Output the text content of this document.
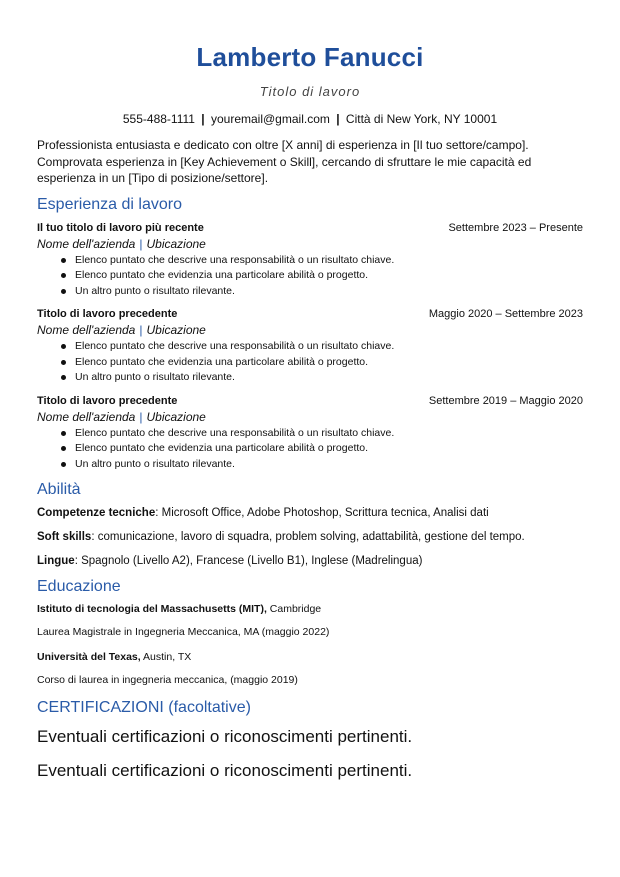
Lamberto Fanucci
Titolo di lavoro
555-488-1111 | youremail@gmail.com | Città di New York, NY 10001
Professionista entusiasta e dedicato con oltre [X anni] di esperienza in [Il tuo settore/campo]. Comprovata esperienza in [Key Achievement o Skill], cercando di sfruttare le mie capacità ed esperienza in un [Tipo di posizione/settore].
Esperienza di lavoro
Il tuo titolo di lavoro più recente	Settembre 2023 – Presente
Nome dell'azienda | Ubicazione
Elenco puntato che descrive una responsabilità o un risultato chiave.
Elenco puntato che evidenzia una particolare abilità o progetto.
Un altro punto o risultato rilevante.
Titolo di lavoro precedente	Maggio 2020 – Settembre 2023
Nome dell'azienda | Ubicazione
Elenco puntato che descrive una responsabilità o un risultato chiave.
Elenco puntato che evidenzia una particolare abilità o progetto.
Un altro punto o risultato rilevante.
Titolo di lavoro precedente	Settembre 2019 – Maggio 2020
Nome dell'azienda | Ubicazione
Elenco puntato che descrive una responsabilità o un risultato chiave.
Elenco puntato che evidenzia una particolare abilità o progetto.
Un altro punto o risultato rilevante.
Abilità
Competenze tecniche: Microsoft Office, Adobe Photoshop, Scrittura tecnica, Analisi dati
Soft skills: comunicazione, lavoro di squadra, problem solving, adattabilità, gestione del tempo.
Lingue: Spagnolo (Livello A2), Francese (Livello B1), Inglese (Madrelingua)
Educazione
Istituto di tecnologia del Massachusetts (MIT), Cambridge
Laurea Magistrale in Ingegneria Meccanica, MA (maggio 2022)
Università del Texas, Austin, TX
Corso di laurea in ingegneria meccanica, (maggio 2019)
CERTIFICAZIONI (facoltative)
Eventuali certificazioni o riconoscimenti pertinenti.
Eventuali certificazioni o riconoscimenti pertinenti.
